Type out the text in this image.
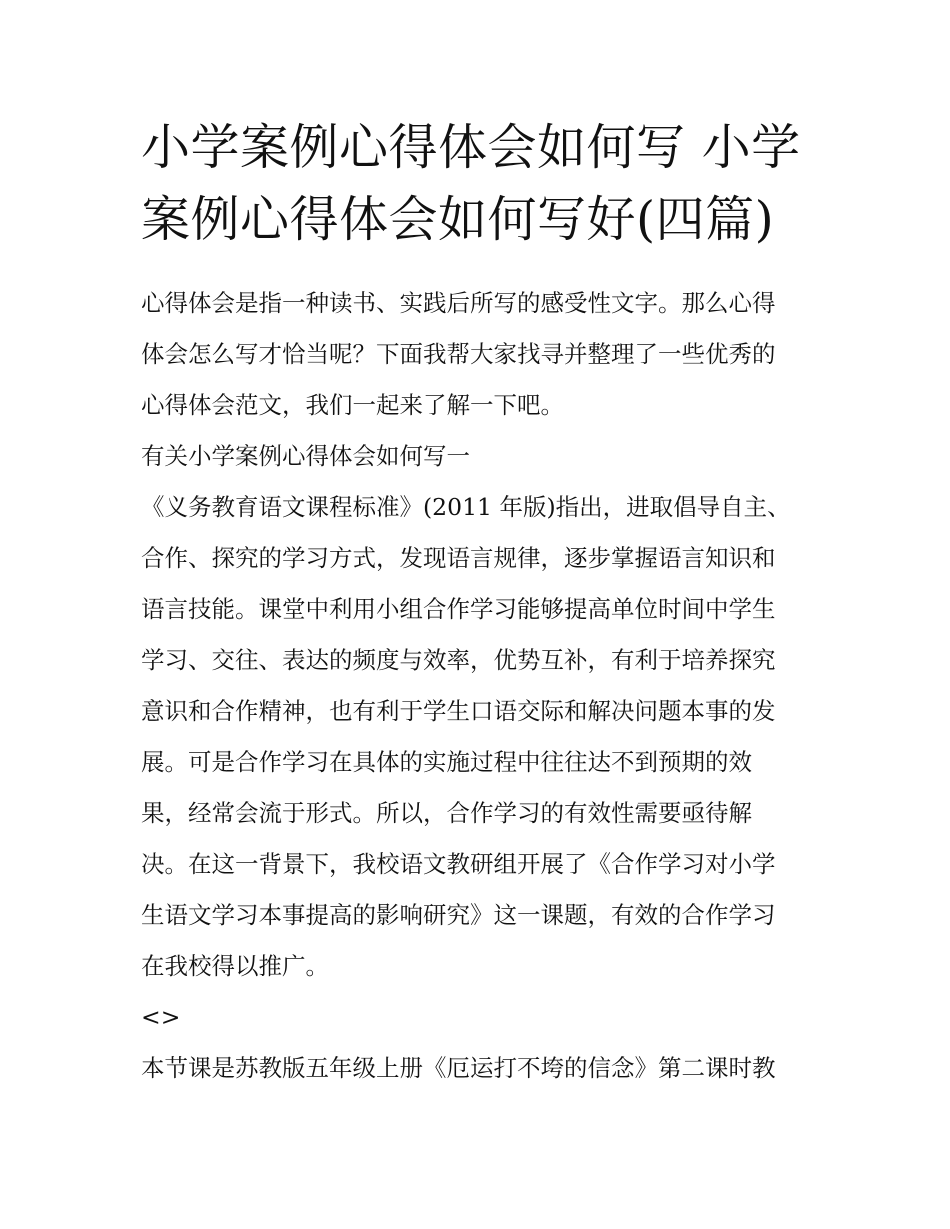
小学案例心得体会如何写 小学
案例心得体会如何写好(四篇)
心得体会是指一种读书、实践后所写的感受性文字。那么心得
体会怎么写才恰当呢？下面我帮大家找寻并整理了一些优秀的
心得体会范文，我们一起来了解一下吧。
有关小学案例心得体会如何写一
《义务教育语文课程标准》(2011 年版)指出，进取倡导自主、
合作、探究的学习方式，发现语言规律，逐步掌握语言知识和
语言技能。课堂中利用小组合作学习能够提高单位时间中学生
学习、交往、表达的频度与效率，优势互补，有利于培养探究
意识和合作精神，也有利于学生口语交际和解决问题本事的发
展。可是合作学习在具体的实施过程中往往达不到预期的效
果，经常会流于形式。所以，合作学习的有效性需要亟待解
决。在这一背景下，我校语文教研组开展了《合作学习对小学
生语文学习本事提高的影响研究》这一课题，有效的合作学习
在我校得以推广。
<>
本节课是苏教版五年级上册《厄运打不垮的信念》第二课时教
